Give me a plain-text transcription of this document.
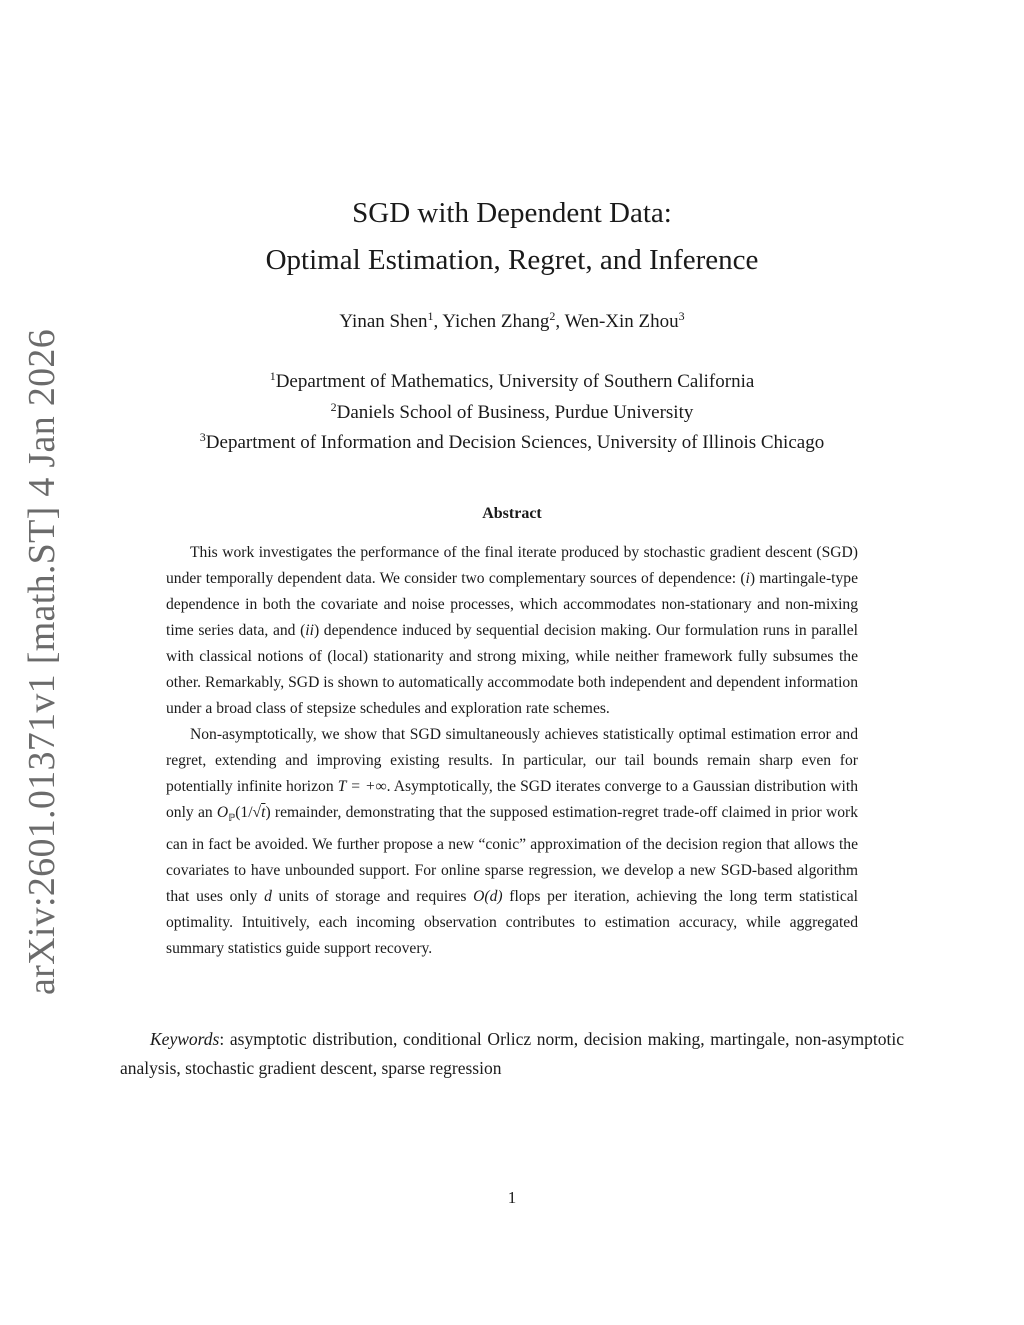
arXiv:2601.01371v1 [math.ST] 4 Jan 2026
SGD with Dependent Data:
Optimal Estimation, Regret, and Inference
Yinan Shen$^1$, Yichen Zhang$^2$, Wen-Xin Zhou$^3$
$^1$Department of Mathematics, University of Southern California
$^2$Daniels School of Business, Purdue University
$^3$Department of Information and Decision Sciences, University of Illinois Chicago
Abstract

This work investigates the performance of the final iterate produced by stochastic gradient descent (SGD) under temporally dependent data. We consider two complementary sources of dependence: (i) martingale-type dependence in both the covariate and noise processes, which accommodates non-stationary and non-mixing time series data, and (ii) dependence induced by sequential decision making. Our formulation runs in parallel with classical notions of (local) stationarity and strong mixing, while neither framework fully subsumes the other. Remarkably, SGD is shown to automatically accommodate both independent and dependent information under a broad class of stepsize schedules and exploration rate schemes.

Non-asymptotically, we show that SGD simultaneously achieves statistically optimal estimation error and regret, extending and improving existing results. In particular, our tail bounds remain sharp even for potentially infinite horizon T = +∞. Asymptotically, the SGD iterates converge to a Gaussian distribution with only an $O_ℙ(1/√t)$ remainder, demonstrating that the supposed estimation-regret trade-off claimed in prior work can in fact be avoided. We further propose a new “conic” approximation of the decision region that allows the covariates to have unbounded support. For online sparse regression, we develop a new SGD-based algorithm that uses only d units of storage and requires O(d) flops per iteration, achieving the long term statistical optimality. Intuitively, each incoming observation contributes to estimation accuracy, while aggregated summary statistics guide support recovery.

Keywords: asymptotic distribution, conditional Orlicz norm, decision making, martingale, non-asymptotic analysis, stochastic gradient descent, sparse regression
1
